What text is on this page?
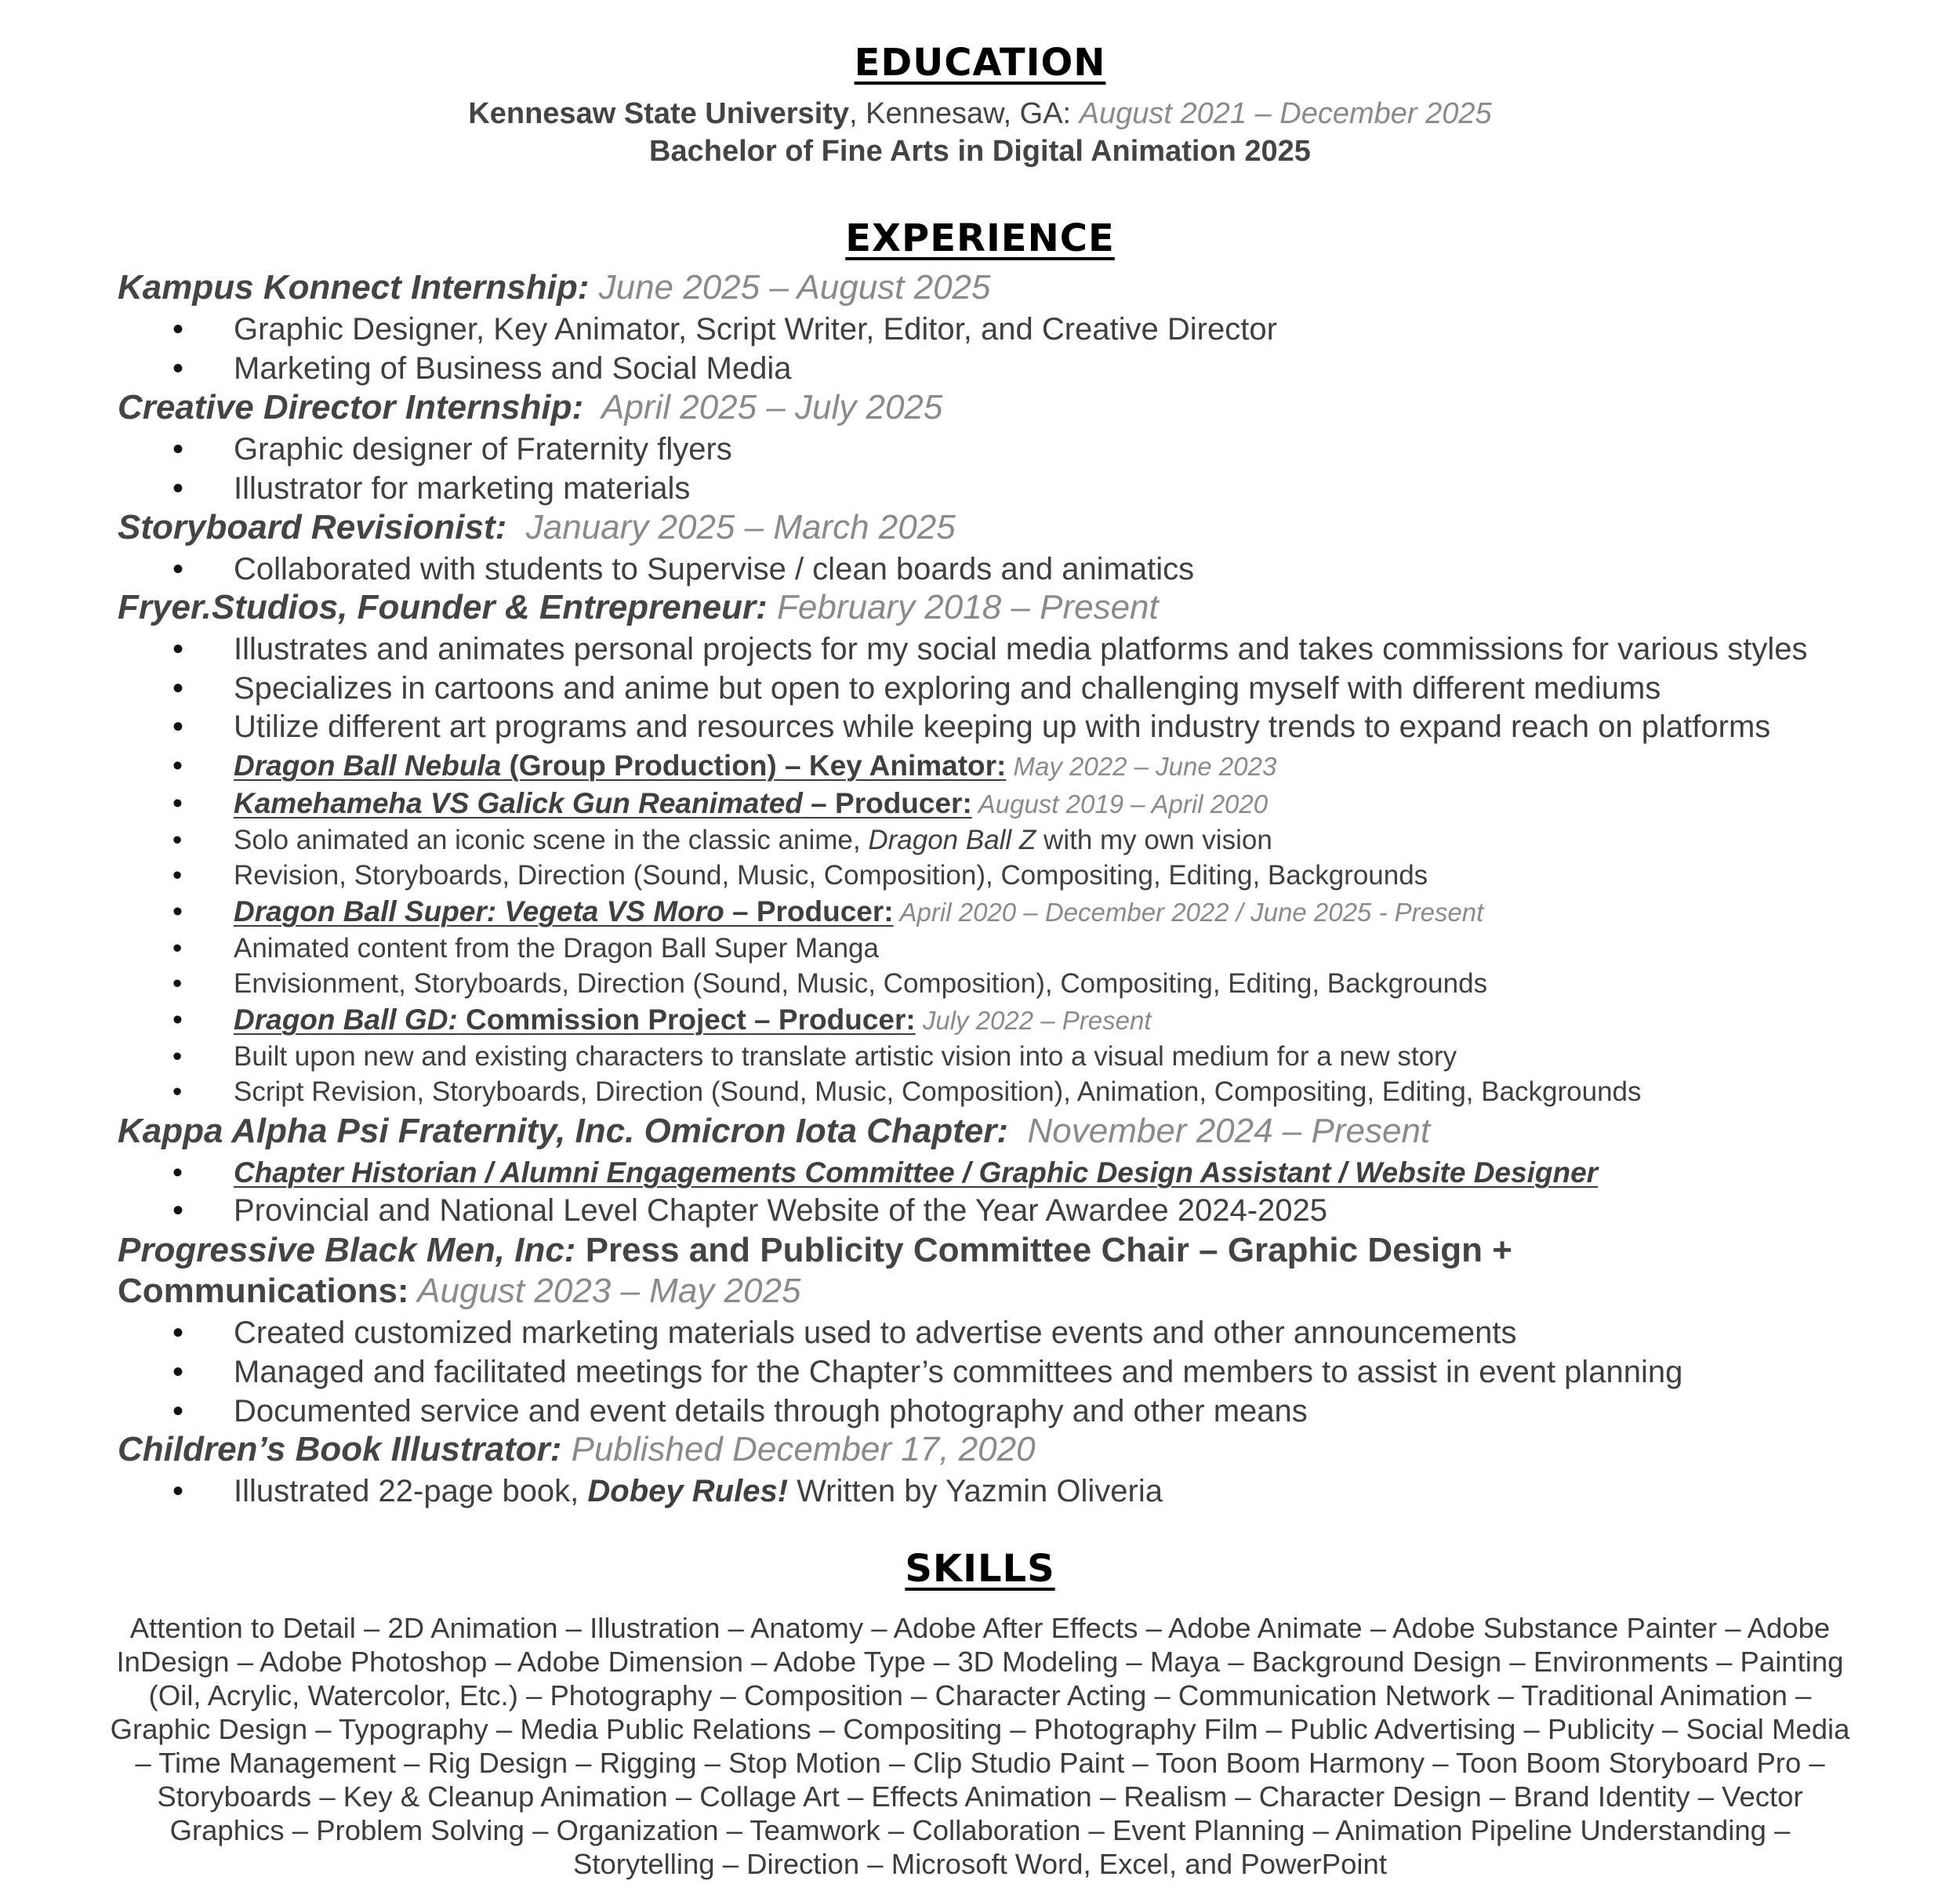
EDUCATION
Kennesaw State University, Kennesaw, GA: August 2021 – December 2025
Bachelor of Fine Arts in Digital Animation 2025
EXPERIENCE
Kampus Konnect Internship: June 2025 – August 2025
Graphic Designer, Key Animator, Script Writer, Editor, and Creative Director
Marketing of Business and Social Media
Creative Director Internship:  April 2025 – July 2025
Graphic designer of Fraternity flyers
Illustrator for marketing materials
Storyboard Revisionist:  January 2025 – March 2025
Collaborated with students to Supervise / clean boards and animatics
Fryer.Studios, Founder & Entrepreneur: February 2018 – Present
Illustrates and animates personal projects for my social media platforms and takes commissions for various styles
Specializes in cartoons and anime but open to exploring and challenging myself with different mediums
Utilize different art programs and resources while keeping up with industry trends to expand reach on platforms
Dragon Ball Nebula (Group Production) – Key Animator: May 2022 – June 2023
Kamehameha VS Galick Gun Reanimated – Producer: August 2019 – April 2020
Solo animated an iconic scene in the classic anime, Dragon Ball Z with my own vision
Revision, Storyboards, Direction (Sound, Music, Composition), Compositing, Editing, Backgrounds
Dragon Ball Super: Vegeta VS Moro – Producer: April 2020 – December 2022 / June 2025 - Present
Animated content from the Dragon Ball Super Manga
Envisionment, Storyboards, Direction (Sound, Music, Composition), Compositing, Editing, Backgrounds
Dragon Ball GD: Commission Project – Producer: July 2022 – Present
Built upon new and existing characters to translate artistic vision into a visual medium for a new story
Script Revision, Storyboards, Direction (Sound, Music, Composition), Animation, Compositing, Editing, Backgrounds
Kappa Alpha Psi Fraternity, Inc. Omicron Iota Chapter:  November 2024 – Present
Chapter Historian / Alumni Engagements Committee / Graphic Design Assistant / Website Designer
Provincial and National Level Chapter Website of the Year Awardee 2024-2025
Progressive Black Men, Inc: Press and Publicity Committee Chair – Graphic Design +
Communications: August 2023 – May 2025
Created customized marketing materials used to advertise events and other announcements
Managed and facilitated meetings for the Chapter’s committees and members to assist in event planning
Documented service and event details through photography and other means
Children’s Book Illustrator: Published December 17, 2020
Illustrated 22-page book, Dobey Rules! Written by Yazmin Oliveria
SKILLS
Attention to Detail – 2D Animation – Illustration – Anatomy – Adobe After Effects – Adobe Animate – Adobe Substance Painter – Adobe InDesign – Adobe Photoshop – Adobe Dimension – Adobe Type – 3D Modeling – Maya – Background Design – Environments – Painting (Oil, Acrylic, Watercolor, Etc.) – Photography – Composition – Character Acting – Communication Network – Traditional Animation – Graphic Design – Typography – Media Public Relations – Compositing – Photography Film – Public Advertising – Publicity – Social Media – Time Management – Rig Design – Rigging – Stop Motion – Clip Studio Paint – Toon Boom Harmony – Toon Boom Storyboard Pro – Storyboards – Key & Cleanup Animation – Collage Art – Effects Animation – Realism – Character Design – Brand Identity – Vector Graphics – Problem Solving – Organization – Teamwork – Collaboration – Event Planning – Animation Pipeline Understanding – Storytelling – Direction – Microsoft Word, Excel, and PowerPoint
